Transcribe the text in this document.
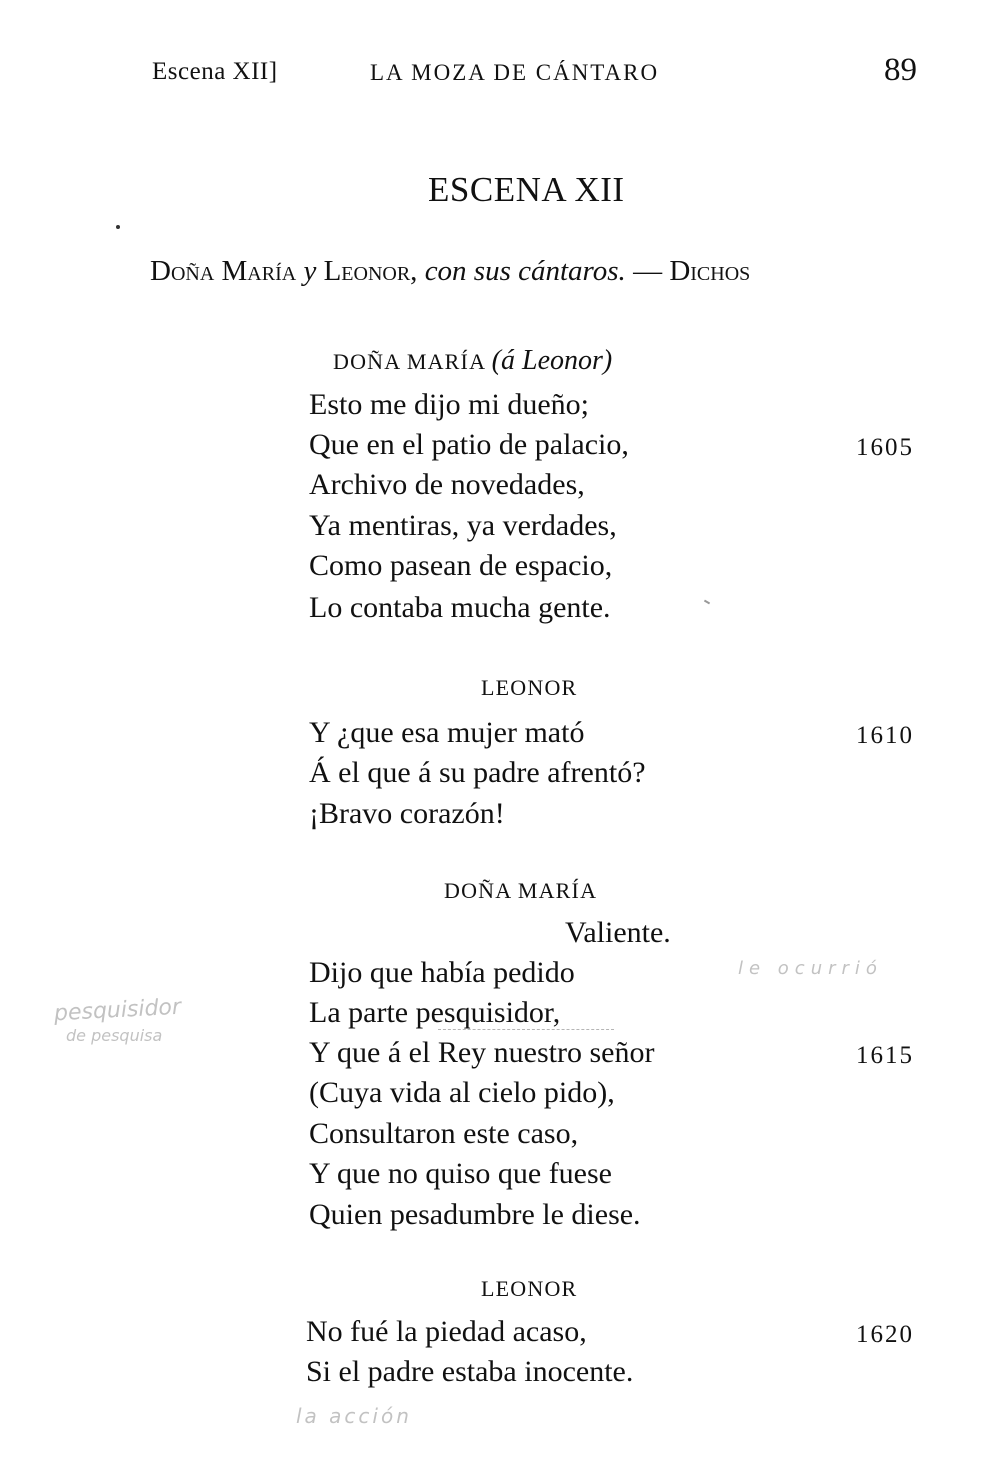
Escena XII]	LA MOZA DE CÁNTARO	89
ESCENA XII
Doña María y Leonor, con sus cántaros. — Dichos
DOÑA MARÍA (á Leonor)
Esto me dijo mi dueño;
Que en el patio de palacio,	1605
Archivo de novedades,
Ya mentiras, ya verdades,
Como pasean de espacio,
Lo contaba mucha gente.
LEONOR
Y ¿que esa mujer mató	1610
Á el que á su padre afrentó?
¡Bravo corazón!
DOÑA MARÍA
Valiente.
Dijo que había pedido
La parte pesquisidor,
Y que á el Rey nuestro señor	1615
(Cuya vida al cielo pido),
Consultaron este caso,
Y que no quiso que fuese
Quien pesadumbre le diese.
LEONOR
No fué la piedad acaso,	1620
Si el padre estaba inocente.
pesquisidor
de pesquisa
le ocurrió
la acción
